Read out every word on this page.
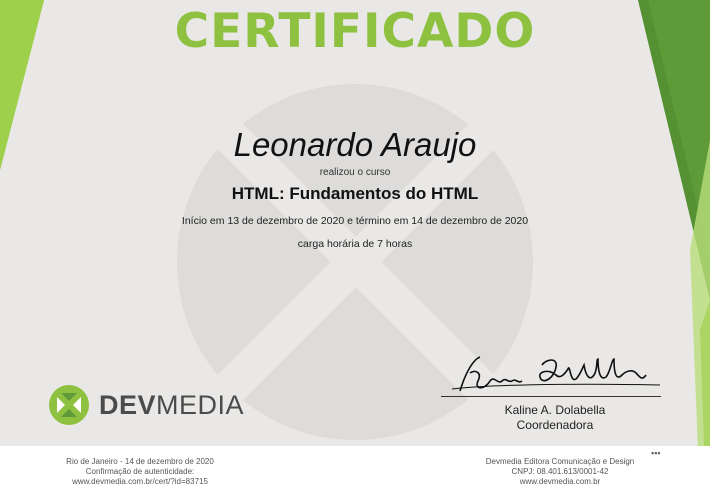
CERTIFICADO
Leonardo Araujo
realizou o curso
HTML: Fundamentos do HTML
Início em 13 de dezembro de 2020 e término em 14 de dezembro de 2020
carga horária de 7 horas
DEVMEDIA	Kaline A. Dolabella
Coordenadora
Rio de Janeiro - 14 de dezembro de 2020
Confirmação de autenticidade:
www.devmedia.com.br/cert/?id=83715
Devmedia Editora Comunicação e Design
CNPJ: 08.401.613/0001-42
www.devmedia.com.br
▪▪▪
